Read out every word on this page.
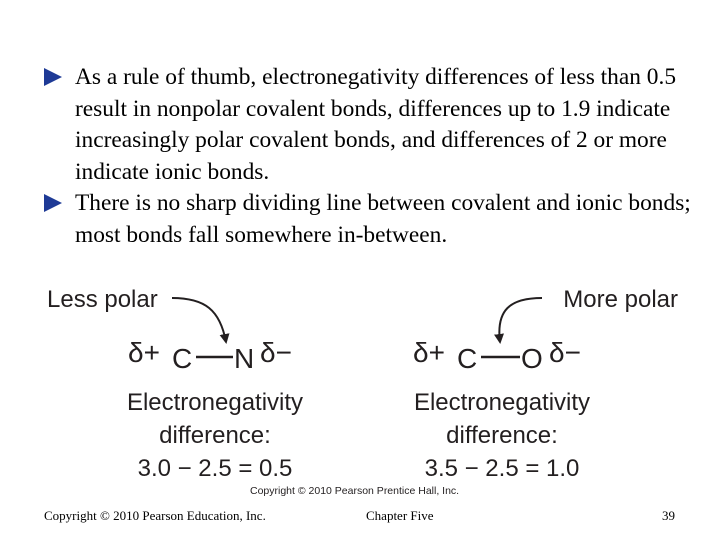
As a rule of thumb, electronegativity differences of less than 0.5 result in nonpolar covalent bonds, differences up to 1.9 indicate increasingly polar covalent bonds, and differences of 2 or more indicate ionic bonds.
There is no sharp dividing line between covalent and ionic bonds; most bonds fall somewhere in-between.
Less polar	More polar
δ+ C N δ−
Electronegativity
difference:
3.0 − 2.5 = 0.5
δ+ C O δ−
Electronegativity
difference:
3.5 − 2.5 = 1.0
Copyright © 2010 Pearson Prentice Hall, Inc.
Copyright © 2010 Pearson Education, Inc.	Chapter Five	39
